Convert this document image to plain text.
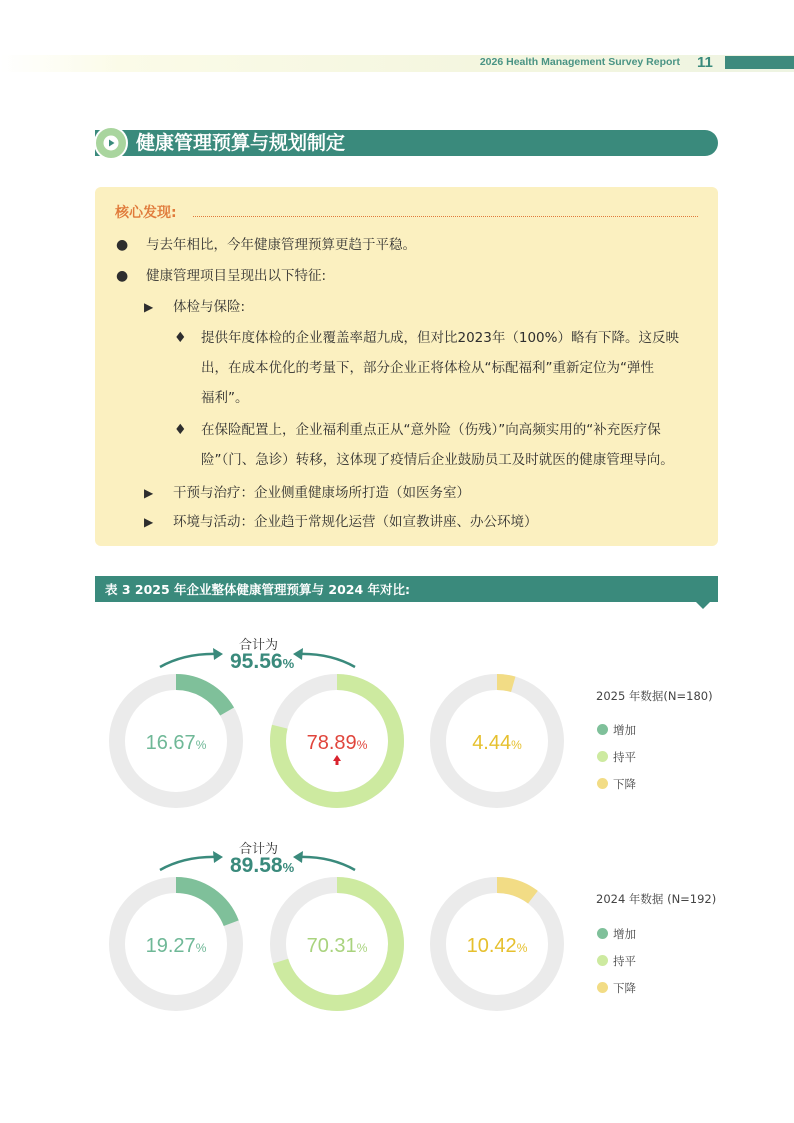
2026 Health Management Survey Report 11
健康管理预算与规划制定
核心发现:
● 与去年相比，今年健康管理预算更趋于平稳。
● 健康管理项目呈现出以下特征:
▶ 体检与保险:
♦ 提供年度体检的企业覆盖率超九成，但对比2023年（100%）略有下降。这反映
出，在成本优化的考量下，部分企业正将体检从“标配福利”重新定位为“弹性
福利”。
♦ 在保险配置上，企业福利重点正从“意外险（伤残）”向高频实用的“补充医疗保
险”（门、急诊）转移，这体现了疫情后企业鼓励员工及时就医的健康管理导向。
▶ 干预与治疗：企业侧重健康场所打造（如医务室）
▶ 环境与活动：企业趋于常规化运营（如宣教讲座、办公环境）
表 3 2025 年企业整体健康管理预算与 2024 年对比:
合计为
95.56%
2025 年数据(N=180)
增加
持平
下降
合计为
89.58%
2024 年数据 (N=192)
增加
持平
下降
16.67%	78.89%	4.44%
19.27%	70.31%	10.42%
